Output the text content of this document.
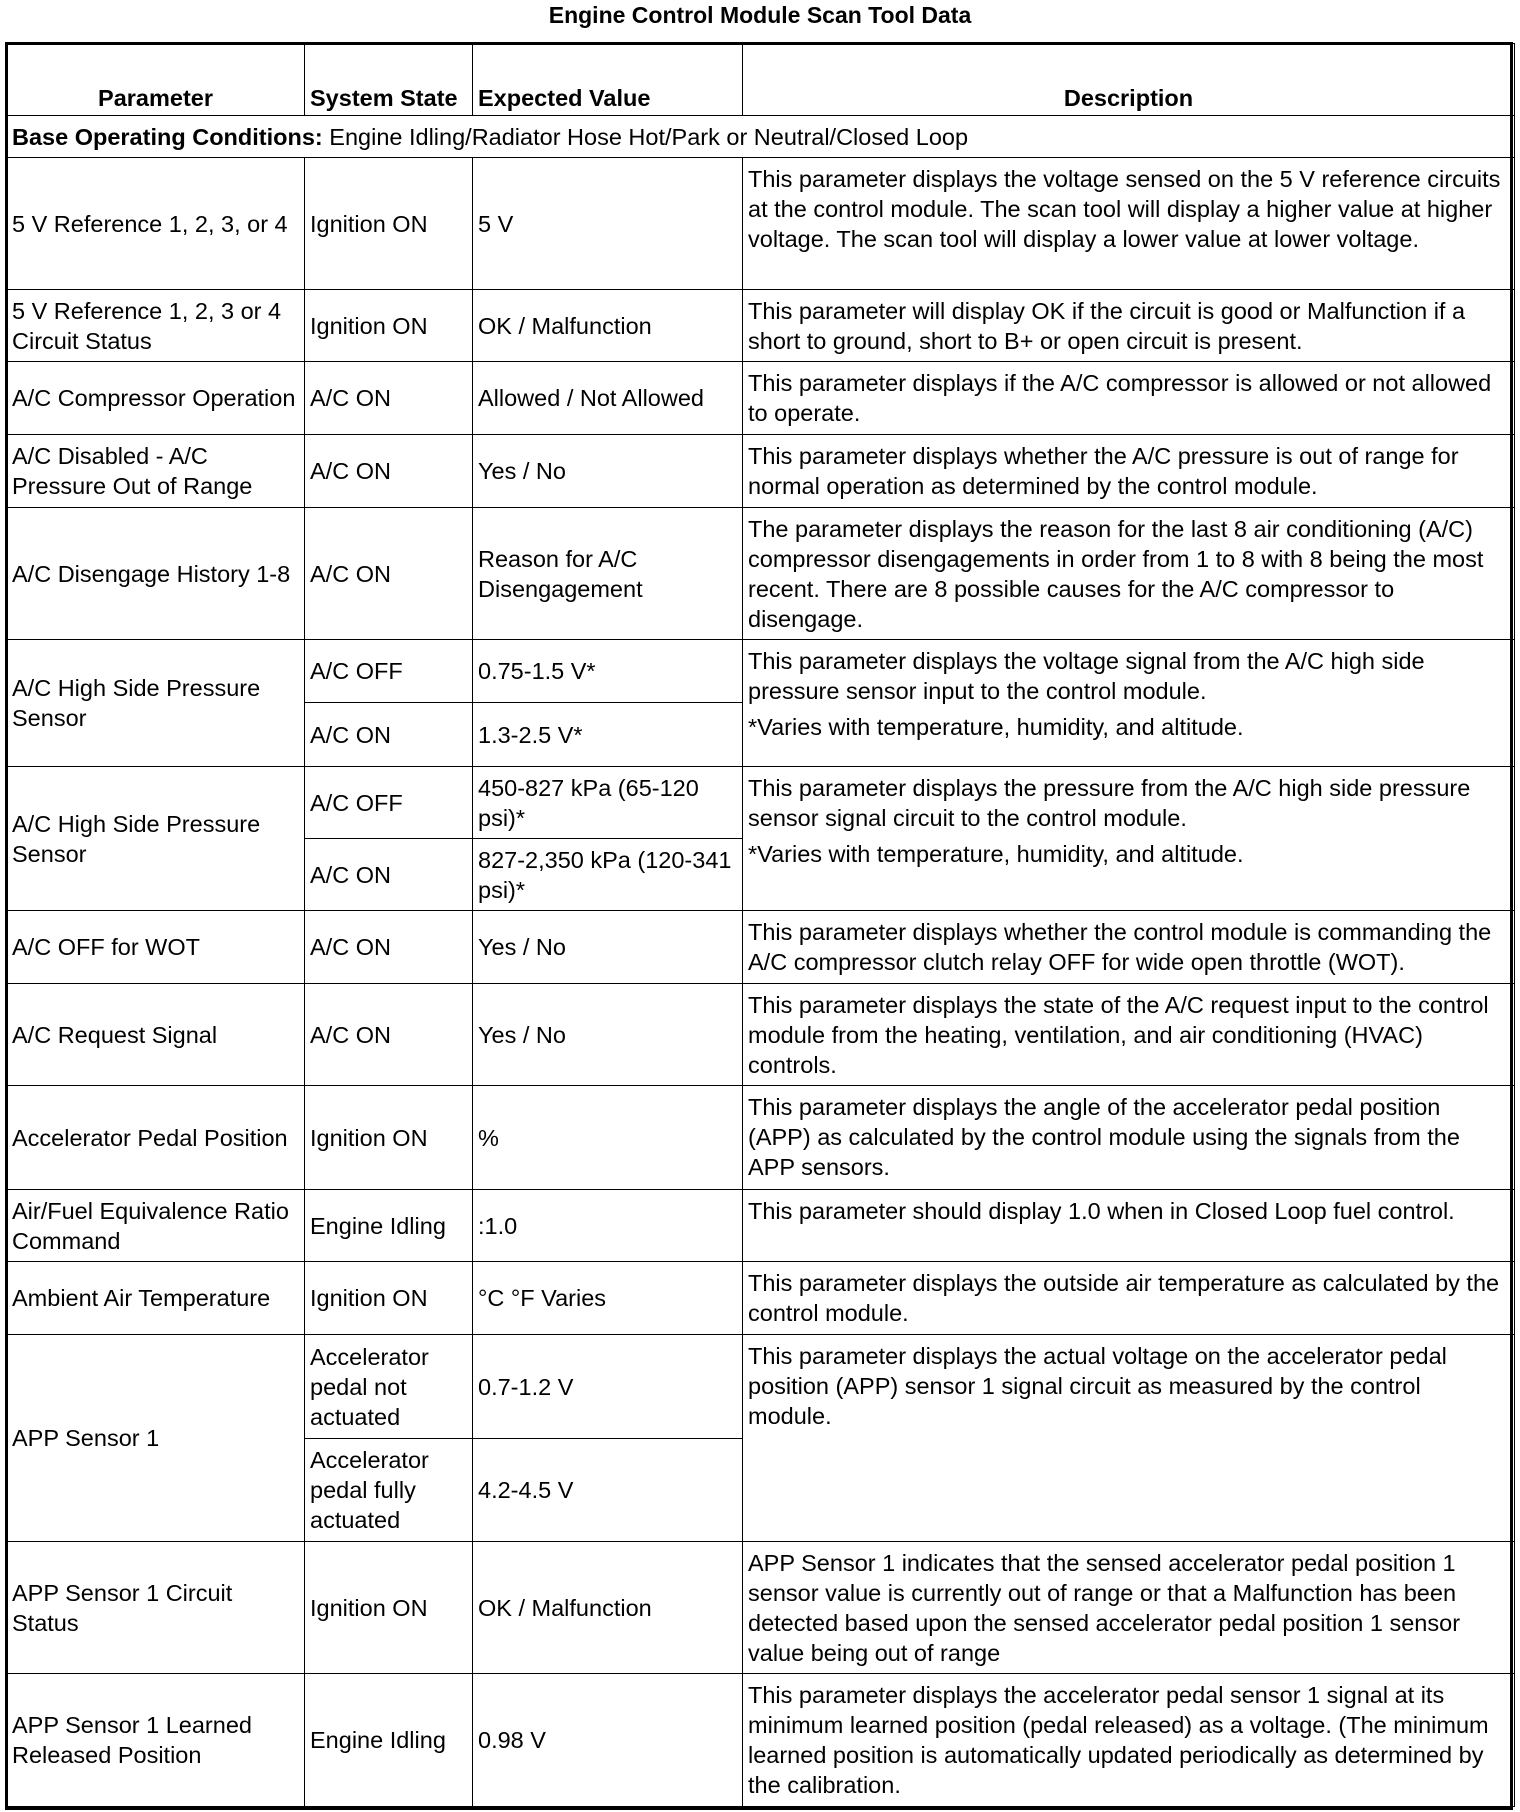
Engine Control Module Scan Tool Data
Parameter	System State	Expected Value	Description
Base Operating Conditions: Engine Idling/Radiator Hose Hot/Park or Neutral/Closed Loop			
5 V Reference 1, 2, 3, or 4	Ignition ON	5 V	This parameter displays the voltage sensed on the 5 V reference circuits at the control module. The scan tool will display a higher value at higher voltage. The scan tool will display a lower value at lower voltage.
5 V Reference 1, 2, 3 or 4 Circuit Status	Ignition ON	OK / Malfunction	This parameter will display OK if the circuit is good or Malfunction if a short to ground, short to B+ or open circuit is present.
A/C Compressor Operation	A/C ON	Allowed / Not Allowed	This parameter displays if the A/C compressor is allowed or not allowed to operate.
A/C Disabled - A/C Pressure Out of Range	A/C ON	Yes / No	This parameter displays whether the A/C pressure is out of range for normal operation as determined by the control module.
A/C Disengage History 1-8	A/C ON	Reason for A/C Disengagement	The parameter displays the reason for the last 8 air conditioning (A/C) compressor disengagements in order from 1 to 8 with 8 being the most recent. There are 8 possible causes for the A/C compressor to disengage.
A/C High Side Pressure Sensor	A/C OFF	0.75-1.5 V*	This parameter displays the voltage signal from the A/C high side pressure sensor input to the control module.
*Varies with temperature, humidity, and altitude.
	A/C ON	1.3-2.5 V*	
A/C High Side Pressure Sensor	A/C OFF	450-827 kPa (65-120 psi)*	This parameter displays the pressure from the A/C high side pressure sensor signal circuit to the control module.
*Varies with temperature, humidity, and altitude.
	A/C ON	827-2,350 kPa (120-341 psi)*	
A/C OFF for WOT	A/C ON	Yes / No	This parameter displays whether the control module is commanding the A/C compressor clutch relay OFF for wide open throttle (WOT).
A/C Request Signal	A/C ON	Yes / No	This parameter displays the state of the A/C request input to the control module from the heating, ventilation, and air conditioning (HVAC) controls.
Accelerator Pedal Position	Ignition ON	%	This parameter displays the angle of the accelerator pedal position (APP) as calculated by the control module using the signals from the APP sensors.
Air/Fuel Equivalence Ratio Command	Engine Idling	:1.0	This parameter should display 1.0 when in Closed Loop fuel control.
Ambient Air Temperature	Ignition ON	°C °F Varies	This parameter displays the outside air temperature as calculated by the control module.
APP Sensor 1	Accelerator pedal not actuated	0.7-1.2 V	This parameter displays the actual voltage on the accelerator pedal position (APP) sensor 1 signal circuit as measured by the control module.
	Accelerator pedal fully actuated	4.2-4.5 V	
APP Sensor 1 Circuit Status	Ignition ON	OK / Malfunction	APP Sensor 1 indicates that the sensed accelerator pedal position 1 sensor value is currently out of range or that a Malfunction has been detected based upon the sensed accelerator pedal position 1 sensor value being out of range
APP Sensor 1 Learned Released Position	Engine Idling	0.98 V	This parameter displays the accelerator pedal sensor 1 signal at its minimum learned position (pedal released) as a voltage. (The minimum learned position is automatically updated periodically as determined by the calibration.
